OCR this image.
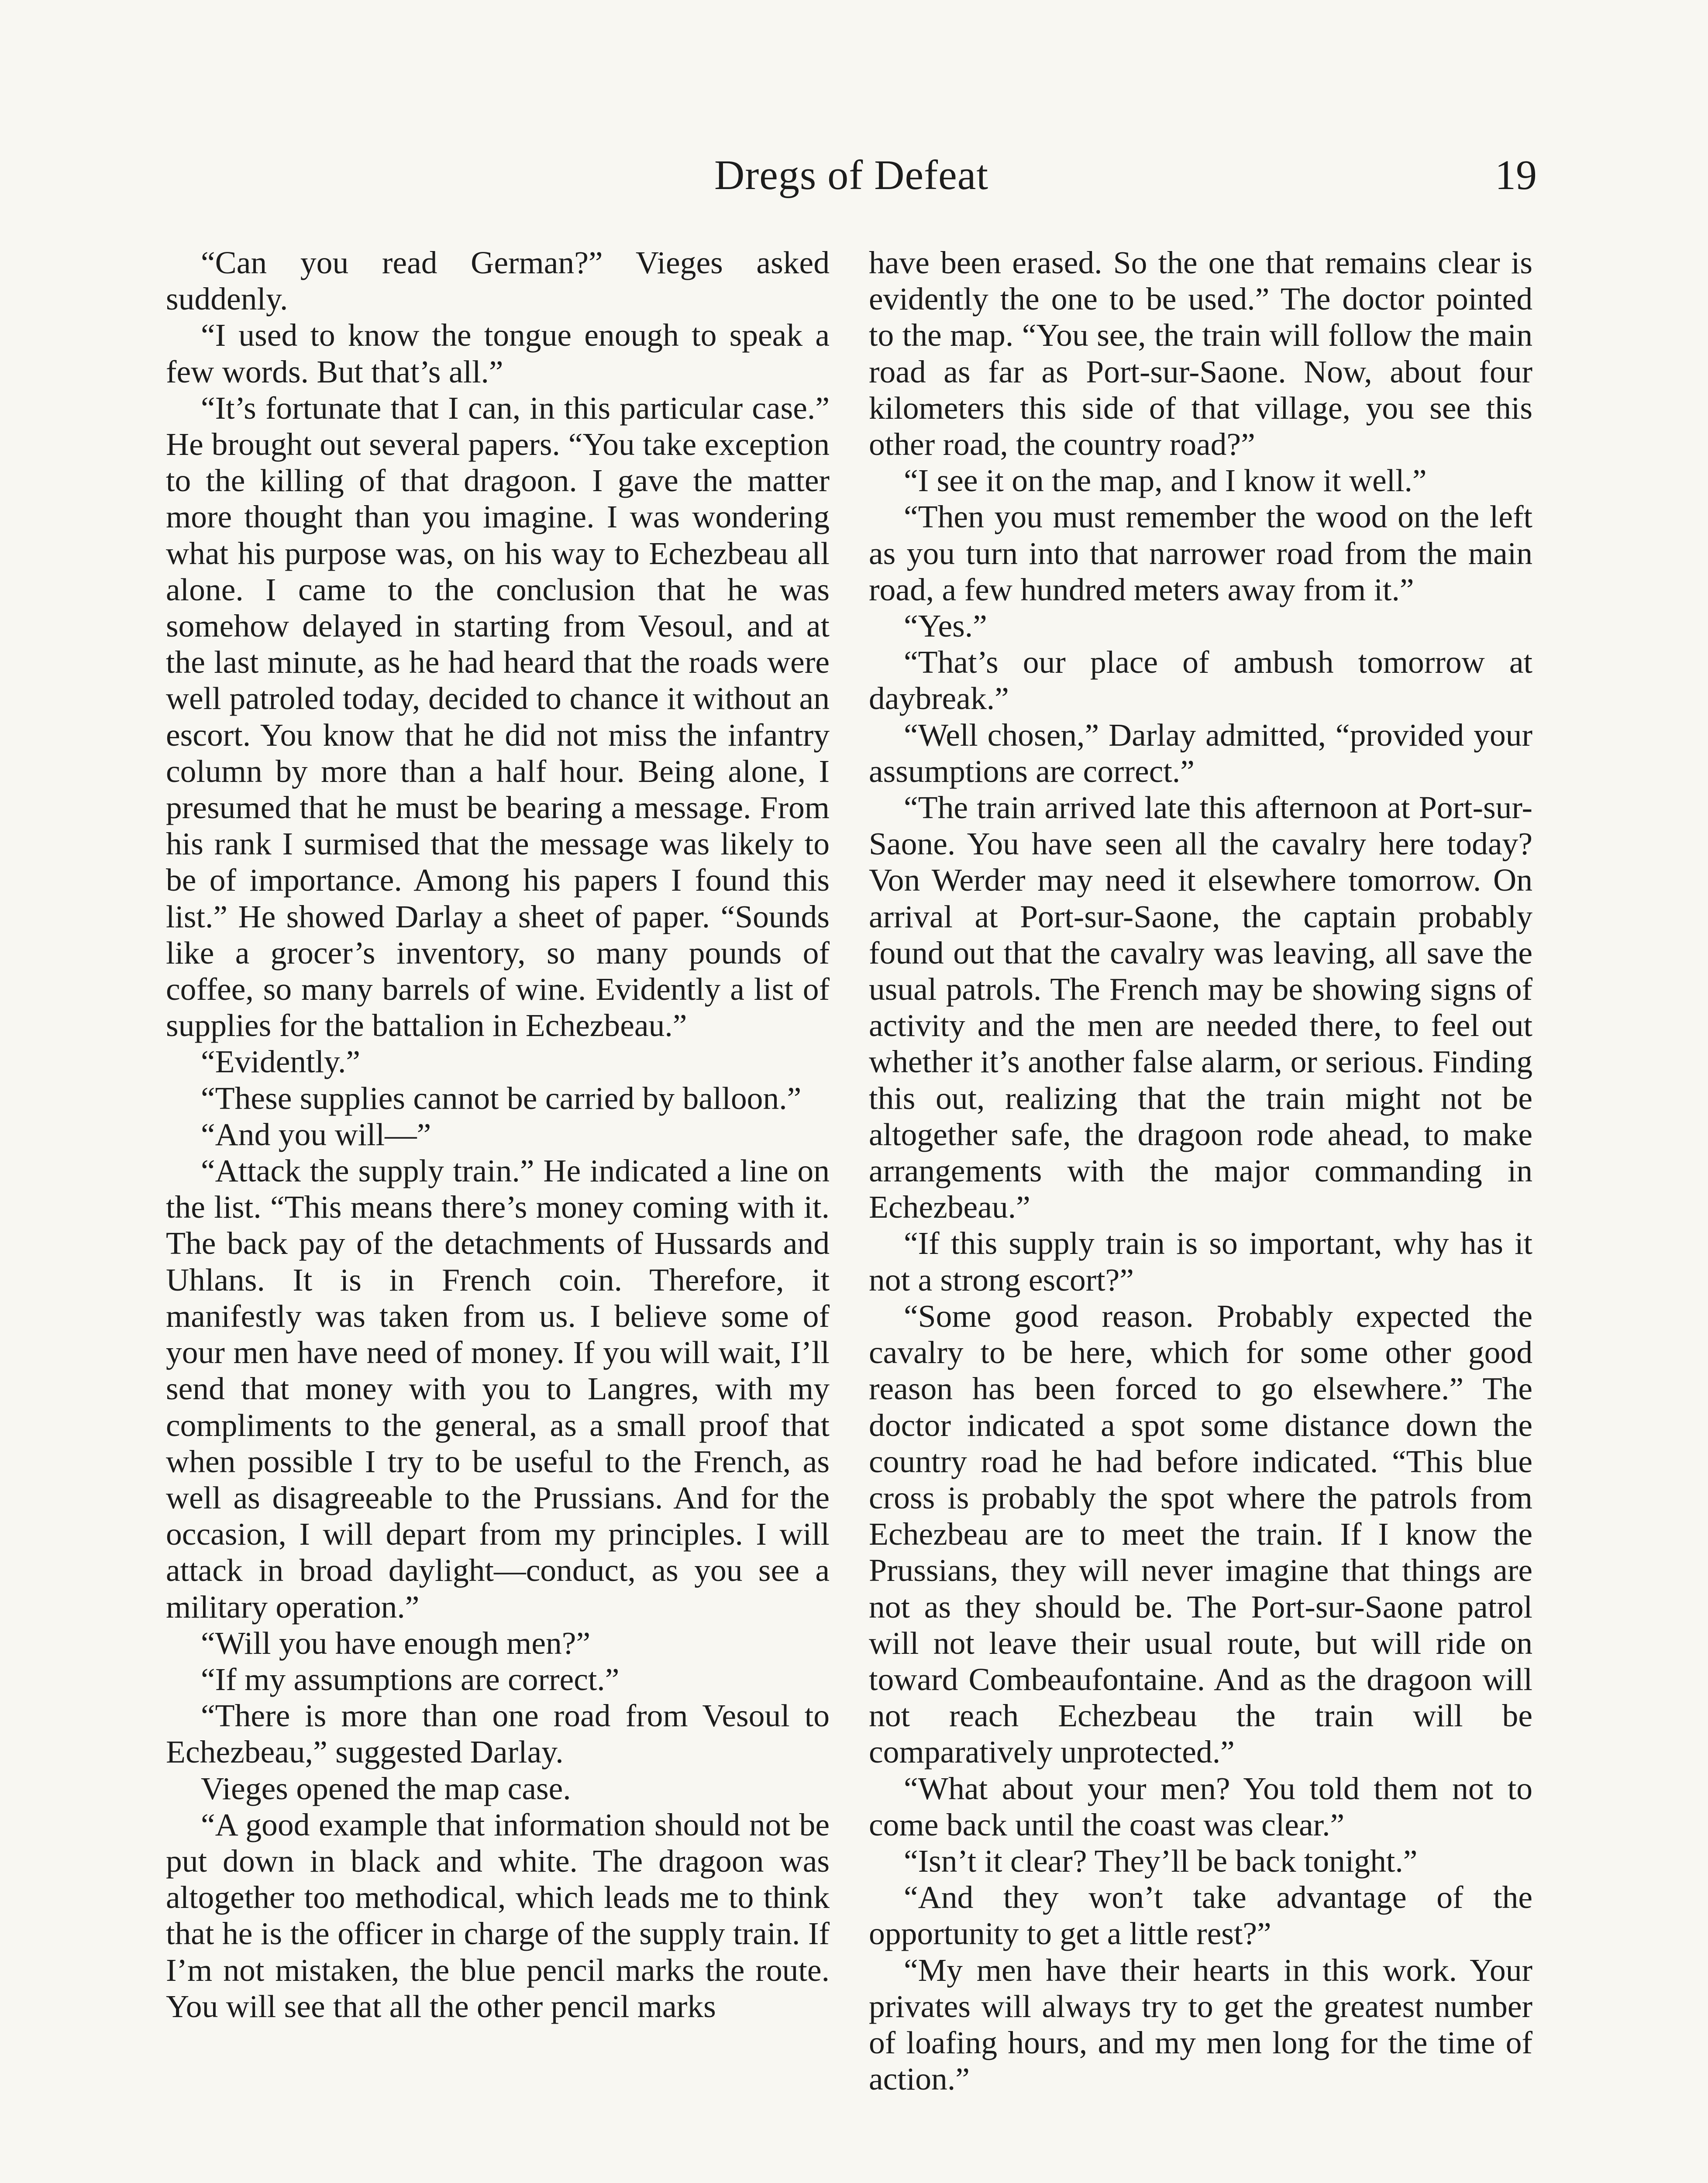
Dregs of Defeat	19

“Can you read German?” Vieges asked suddenly.

“I used to know the tongue enough to speak a few words. But that’s all.”

“It’s fortunate that I can, in this particular case.” He brought out several papers. “You take exception to the killing of that dragoon. I gave the matter more thought than you imagine. I was wondering what his purpose was, on his way to Echezbeau all alone. I came to the conclusion that he was somehow delayed in starting from Vesoul, and at the last minute, as he had heard that the roads were well patroled today, decided to chance it without an escort. You know that he did not miss the infantry column by more than a half hour. Being alone, I presumed that he must be bearing a message. From his rank I surmised that the message was likely to be of importance. Among his papers I found this list.” He showed Darlay a sheet of paper. “Sounds like a grocer’s inventory, so many pounds of coffee, so many barrels of wine. Evidently a list of supplies for the battalion in Echezbeau.”

“Evidently.”

“These supplies cannot be carried by balloon.”

“And you will—”

“Attack the supply train.” He indicated a line on the list. “This means there’s money coming with it. The back pay of the detachments of Hussards and Uhlans. It is in French coin. Therefore, it manifestly was taken from us. I believe some of your men have need of money. If you will wait, I’ll send that money with you to Langres, with my compliments to the general, as a small proof that when possible I try to be useful to the French, as well as disagreeable to the Prussians. And for the occasion, I will depart from my principles. I will attack in broad daylight—conduct, as you see a military operation.”

“Will you have enough men?”

“If my assumptions are correct.”

“There is more than one road from Vesoul to Echezbeau,” suggested Darlay.

Vieges opened the map case.

“A good example that information should not be put down in black and white. The dragoon was altogether too methodical, which leads me to think that he is the officer in charge of the supply train. If I’m not mistaken, the blue pencil marks the route. You will see that all the other pencil marks

have been erased. So the one that remains clear is evidently the one to be used.” The doctor pointed to the map. “You see, the train will follow the main road as far as Port-sur-Saone. Now, about four kilometers this side of that village, you see this other road, the country road?”

“I see it on the map, and I know it well.”

“Then you must remember the wood on the left as you turn into that narrower road from the main road, a few hundred meters away from it.”

“Yes.”

“That’s our place of ambush tomorrow at daybreak.”

“Well chosen,” Darlay admitted, “provided your assumptions are correct.”

“The train arrived late this afternoon at Port-sur-Saone. You have seen all the cavalry here today? Von Werder may need it elsewhere tomorrow. On arrival at Port-sur-Saone, the captain probably found out that the cavalry was leaving, all save the usual patrols. The French may be showing signs of activity and the men are needed there, to feel out whether it’s another false alarm, or serious. Finding this out, realizing that the train might not be altogether safe, the dragoon rode ahead, to make arrangements with the major commanding in Echezbeau.”

“If this supply train is so important, why has it not a strong escort?”

“Some good reason. Probably expected the cavalry to be here, which for some other good reason has been forced to go elsewhere.” The doctor indicated a spot some distance down the country road he had before indicated. “This blue cross is probably the spot where the patrols from Echezbeau are to meet the train. If I know the Prussians, they will never imagine that things are not as they should be. The Port-sur-Saone patrol will not leave their usual route, but will ride on toward Combeaufontaine. And as the dragoon will not reach Echezbeau the train will be comparatively unprotected.”

“What about your men? You told them not to come back until the coast was clear.”

“Isn’t it clear? They’ll be back tonight.”

“And they won’t take advantage of the opportunity to get a little rest?”

“My men have their hearts in this work. Your privates will always try to get the greatest number of loafing hours, and my men long for the time of action.”
